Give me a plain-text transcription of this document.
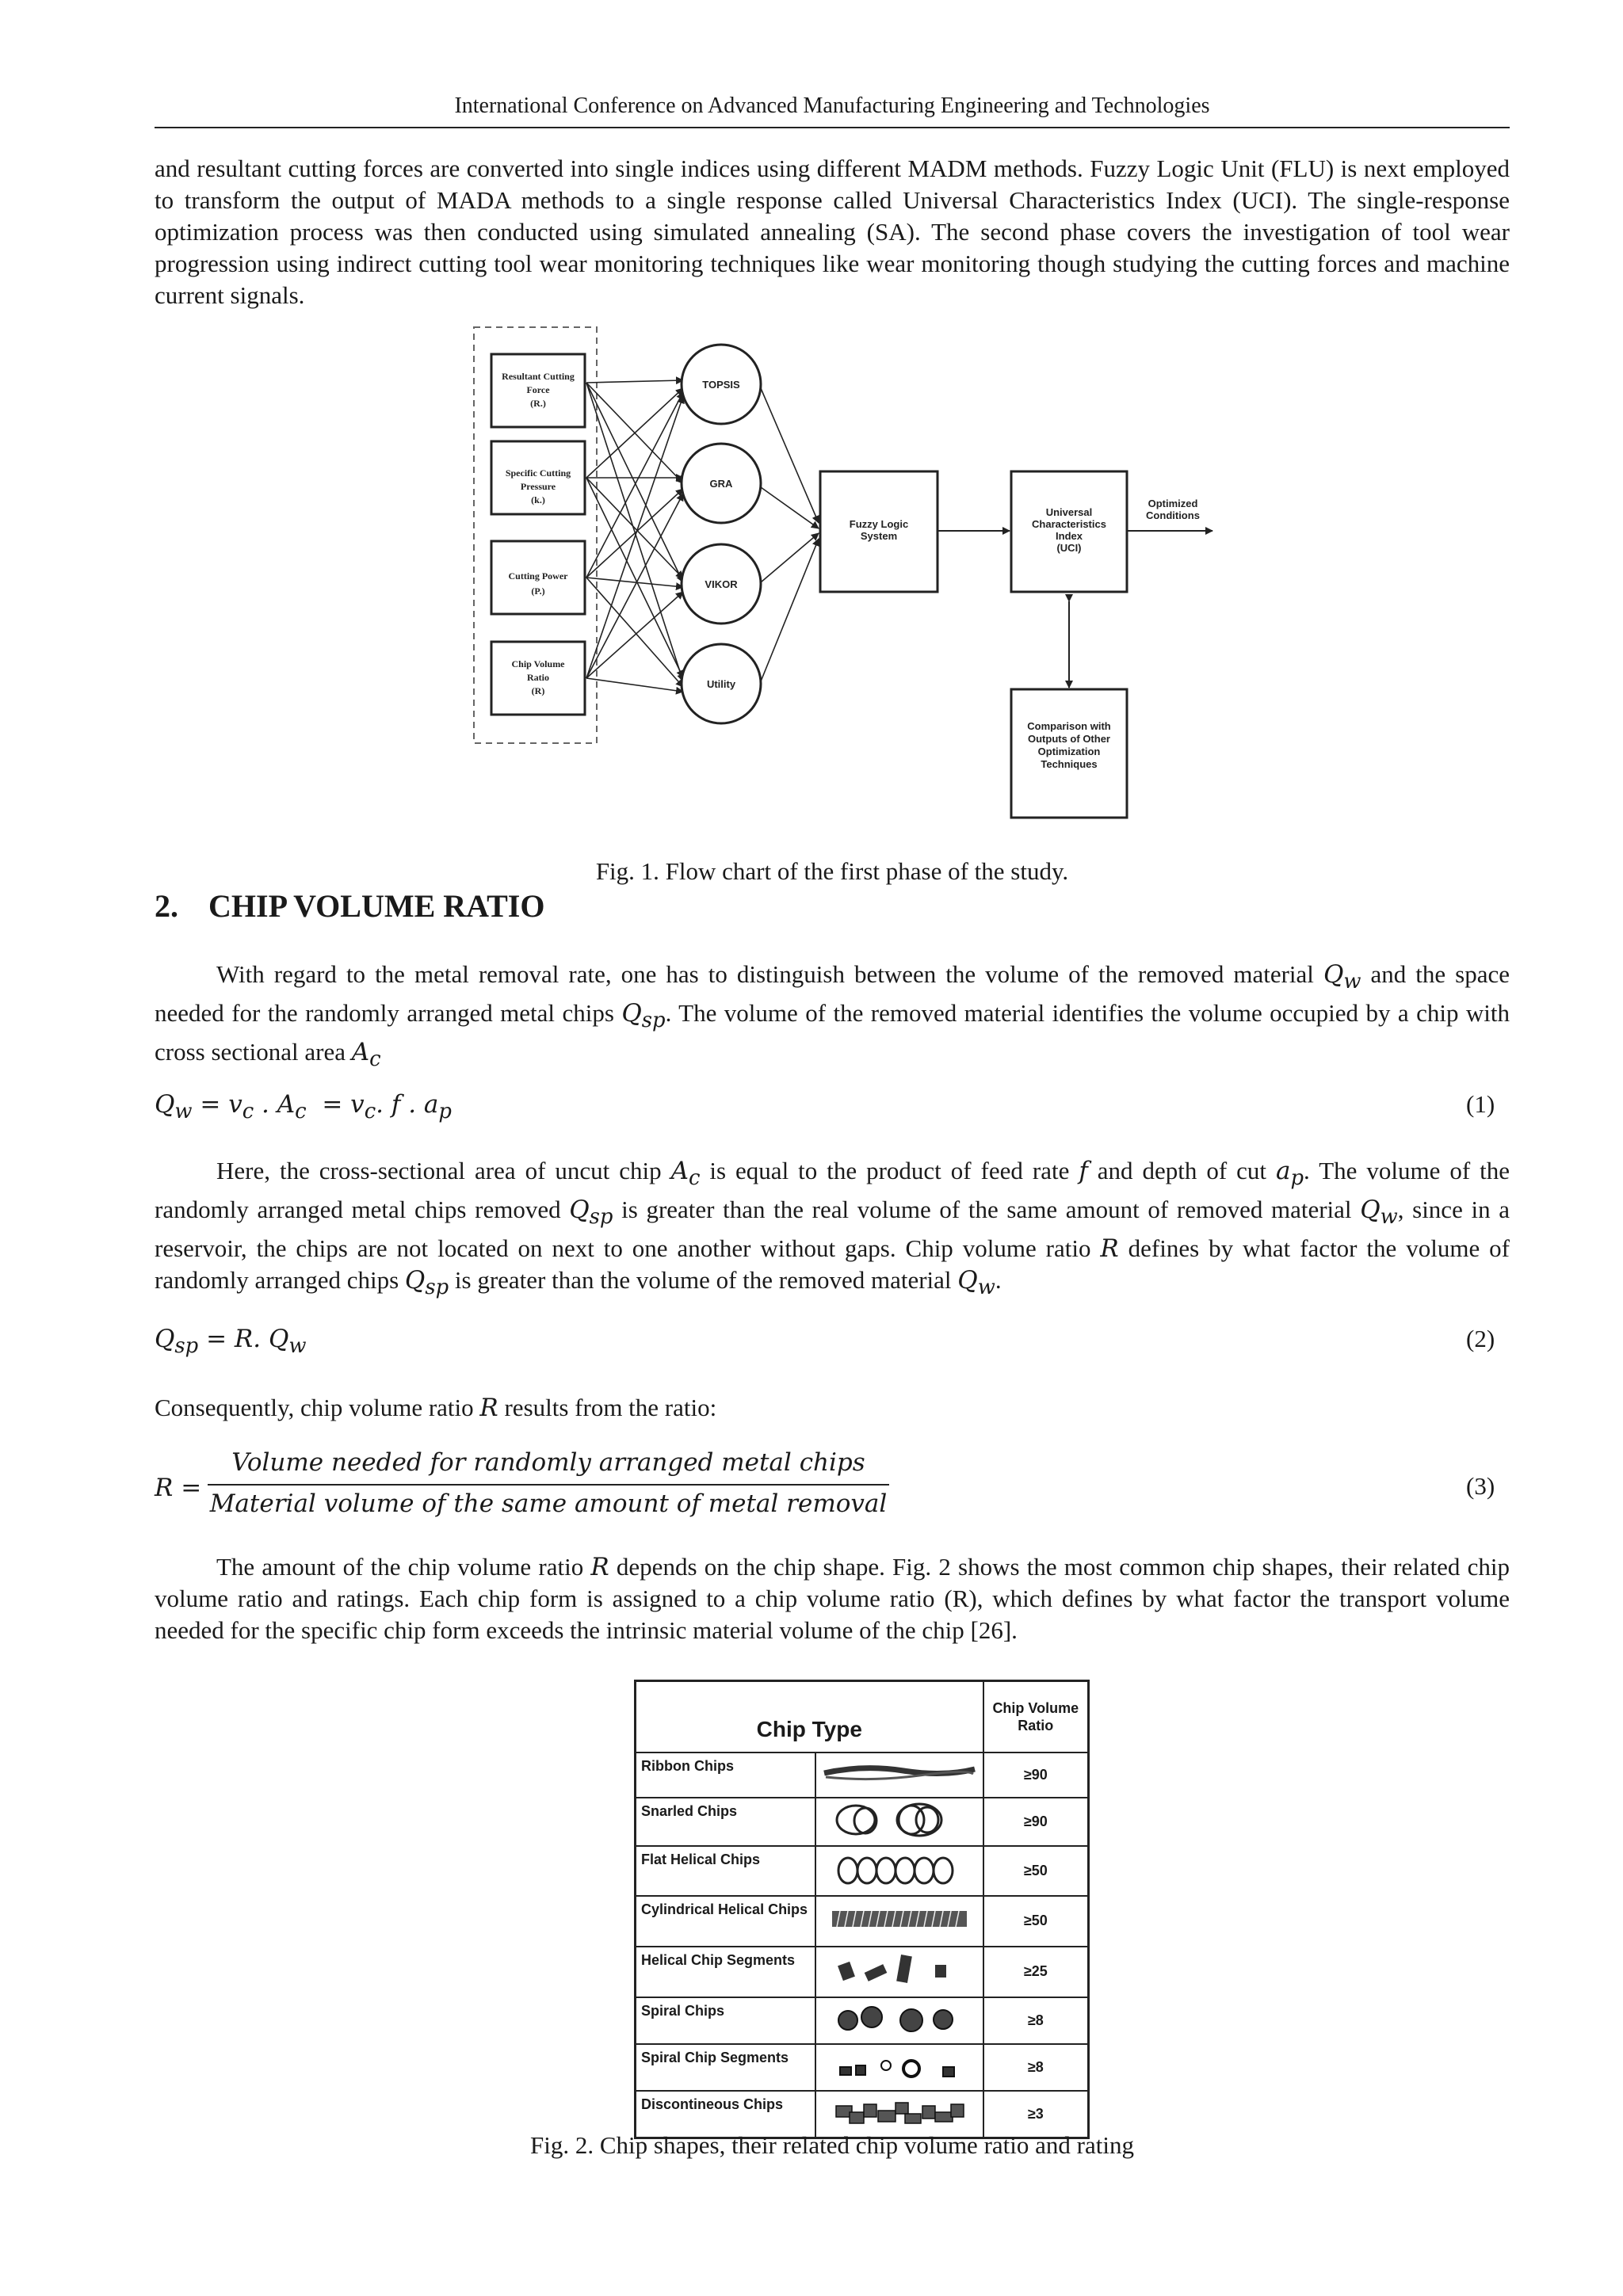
International Conference on Advanced Manufacturing Engineering and Technologies
and resultant cutting forces are converted into single indices using different MADM methods. Fuzzy Logic Unit (FLU) is next employed to transform the output of MADA methods to a single response called Universal Characteristics Index (UCI). The single-response optimization process was then conducted using simulated annealing (SA). The second phase covers the investigation of tool wear progression using indirect cutting tool wear monitoring techniques like wear monitoring though studying the cutting forces and machine current signals.
Resultant Cutting
Force
(R.)
Specific Cutting
Pressure
(k.)
Cutting Power
(P.)
Chip Volume
Ratio
(R)
TOPSIS
GRA
VIKOR
Utility
Fuzzy Logic
System
Universal
Characteristics
Index
(UCI)
Optimized
Conditions
Comparison with
Outputs of Other
Optimization
Techniques
Fig. 1. Flow chart of the first phase of the study.
2. CHIP VOLUME RATIO
With regard to the metal removal rate, one has to distinguish between the volume of the removed material $Q_w$ and the space needed for the randomly arranged metal chips $Q_{sp}$. The volume of the removed material identifies the volume occupied by a chip with cross sectional area $A_c$
$Q_w = v_c$ . $A_c = v_c$. f . $a_p$	(1)
Here, the cross-sectional area of uncut chip $A_c$ is equal to the product of feed rate f and depth of cut $a_p$. The volume of the randomly arranged metal chips removed $Q_{sp}$ is greater than the real volume of the same amount of removed material $Q_w$, since in a reservoir, the chips are not located on next to one another without gaps. Chip volume ratio R defines by what factor the volume of randomly arranged chips $Q_{sp}$ is greater than the volume of the removed material $Q_w$.
$Q_{sp} = R$. $Q_w$	(2)
Consequently, chip volume ratio R results from the ratio:
R =
Volume needed for randomly arranged metal chips
Material volume of the same amount of metal removal
(3)
The amount of the chip volume ratio R depends on the chip shape. Fig. 2 shows the most common chip shapes, their related chip volume ratio and ratings. Each chip form is assigned to a chip volume ratio (R), which defines by what factor the transport volume needed for the specific chip form exceeds the intrinsic material volume of the chip [26].
Chip Type		Chip Volume
Ratio

Ribbon Chips		≥90
Snarled Chips		≥90
Flat Helical Chips		≥50
Cylindrical Helical Chips		≥50
Helical Chip Segments		≥25
Spiral Chips		≥8
Spiral Chip Segments		≥8
Discontineous Chips		≥3
Fig. 2. Chip shapes, their related chip volume ratio and rating
